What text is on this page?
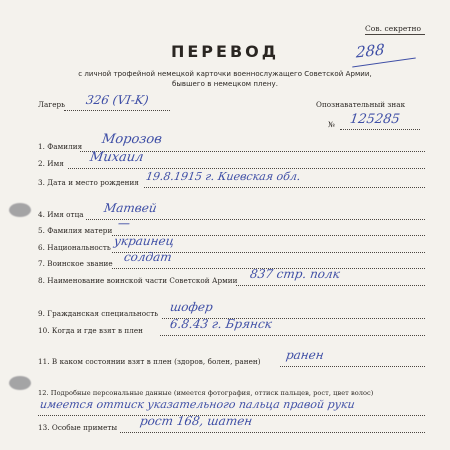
Сов. секретно
288
ПЕРЕВОД
с личной трофейной немецкой карточки военнослужащего Советской Армии,
бывшего в немецком плену.
Лагерь 326 (VI-K)	Опознавательный знак
№ 125285
1. Фамилия Морозов
2. Имя Михаил
3. Дата и место рождения 19.8.1915 г. Киевская обл.
4. Имя отца Матвей
5. Фамилия матери
—
6. Национальность украинец
7. Воинское звание солдат
8. Наименование воинской части Советской Армии 837 стр. полк
9. Гражданская специальность шофер
10. Когда и где взят в плен 6.8.43 г. Брянск
11. В каком состоянии взят в плен (здоров, болен, ранен) ранен
12. Подробные персональные данные (имеется фотография, оттиск пальцев, рост, цвет волос)
имеется оттиск указательного пальца правой руки
13. Особые приметы рост 168, шатен
